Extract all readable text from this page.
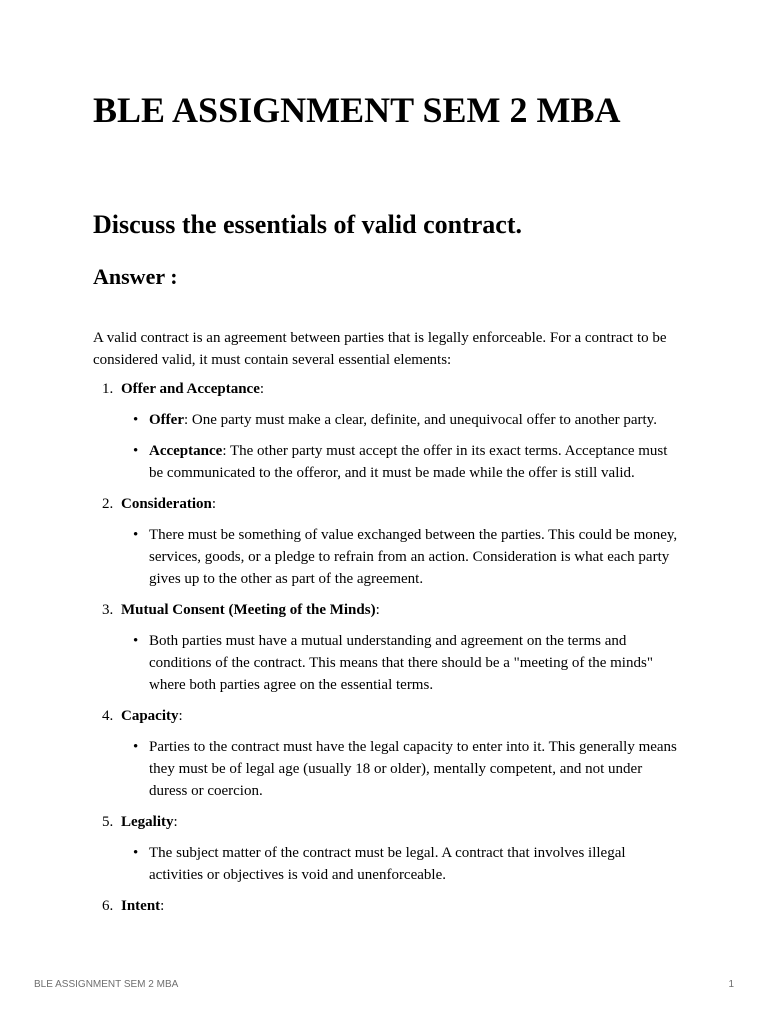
BLE ASSIGNMENT SEM 2 MBA
Discuss the essentials of valid contract.
Answer :

A valid contract is an agreement between parties that is legally enforceable. For a contract to be considered valid, it must contain several essential elements:

1. Offer and Acceptance:
• Offer: One party must make a clear, definite, and unequivocal offer to another party.
• Acceptance: The other party must accept the offer in its exact terms. Acceptance must be communicated to the offeror, and it must be made while the offer is still valid.
2. Consideration:
• There must be something of value exchanged between the parties. This could be money, services, goods, or a pledge to refrain from an action. Consideration is what each party gives up to the other as part of the agreement.
3. Mutual Consent (Meeting of the Minds):
• Both parties must have a mutual understanding and agreement on the terms and conditions of the contract. This means that there should be a "meeting of the minds" where both parties agree on the essential terms.
4. Capacity:
• Parties to the contract must have the legal capacity to enter into it. This generally means they must be of legal age (usually 18 or older), mentally competent, and not under duress or coercion.
5. Legality:
• The subject matter of the contract must be legal. A contract that involves illegal activities or objectives is void and unenforceable.
6. Intent:
BLE ASSIGNMENT SEM 2 MBA	1
